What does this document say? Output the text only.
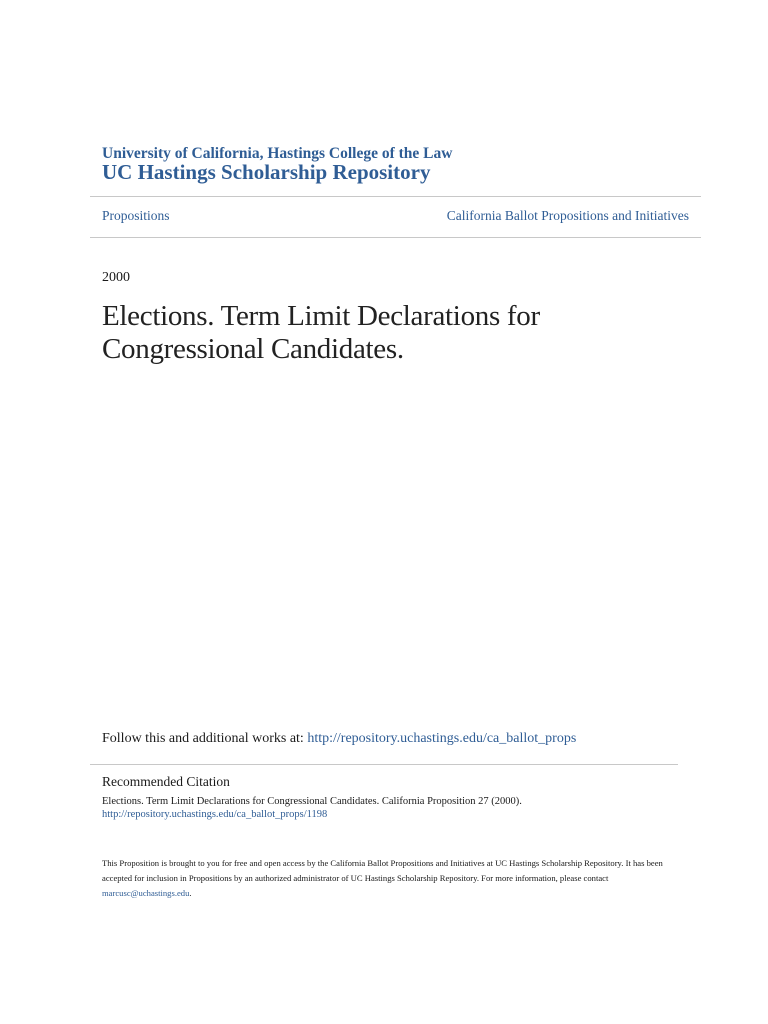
University of California, Hastings College of the Law
UC Hastings Scholarship Repository
Propositions	California Ballot Propositions and Initiatives
2000
Elections. Term Limit Declarations for Congressional Candidates.
Follow this and additional works at: http://repository.uchastings.edu/ca_ballot_props
Recommended Citation
Elections. Term Limit Declarations for Congressional Candidates. California Proposition 27 (2000).
http://repository.uchastings.edu/ca_ballot_props/1198
This Proposition is brought to you for free and open access by the California Ballot Propositions and Initiatives at UC Hastings Scholarship Repository. It has been accepted for inclusion in Propositions by an authorized administrator of UC Hastings Scholarship Repository. For more information, please contact marcusc@uchastings.edu.
